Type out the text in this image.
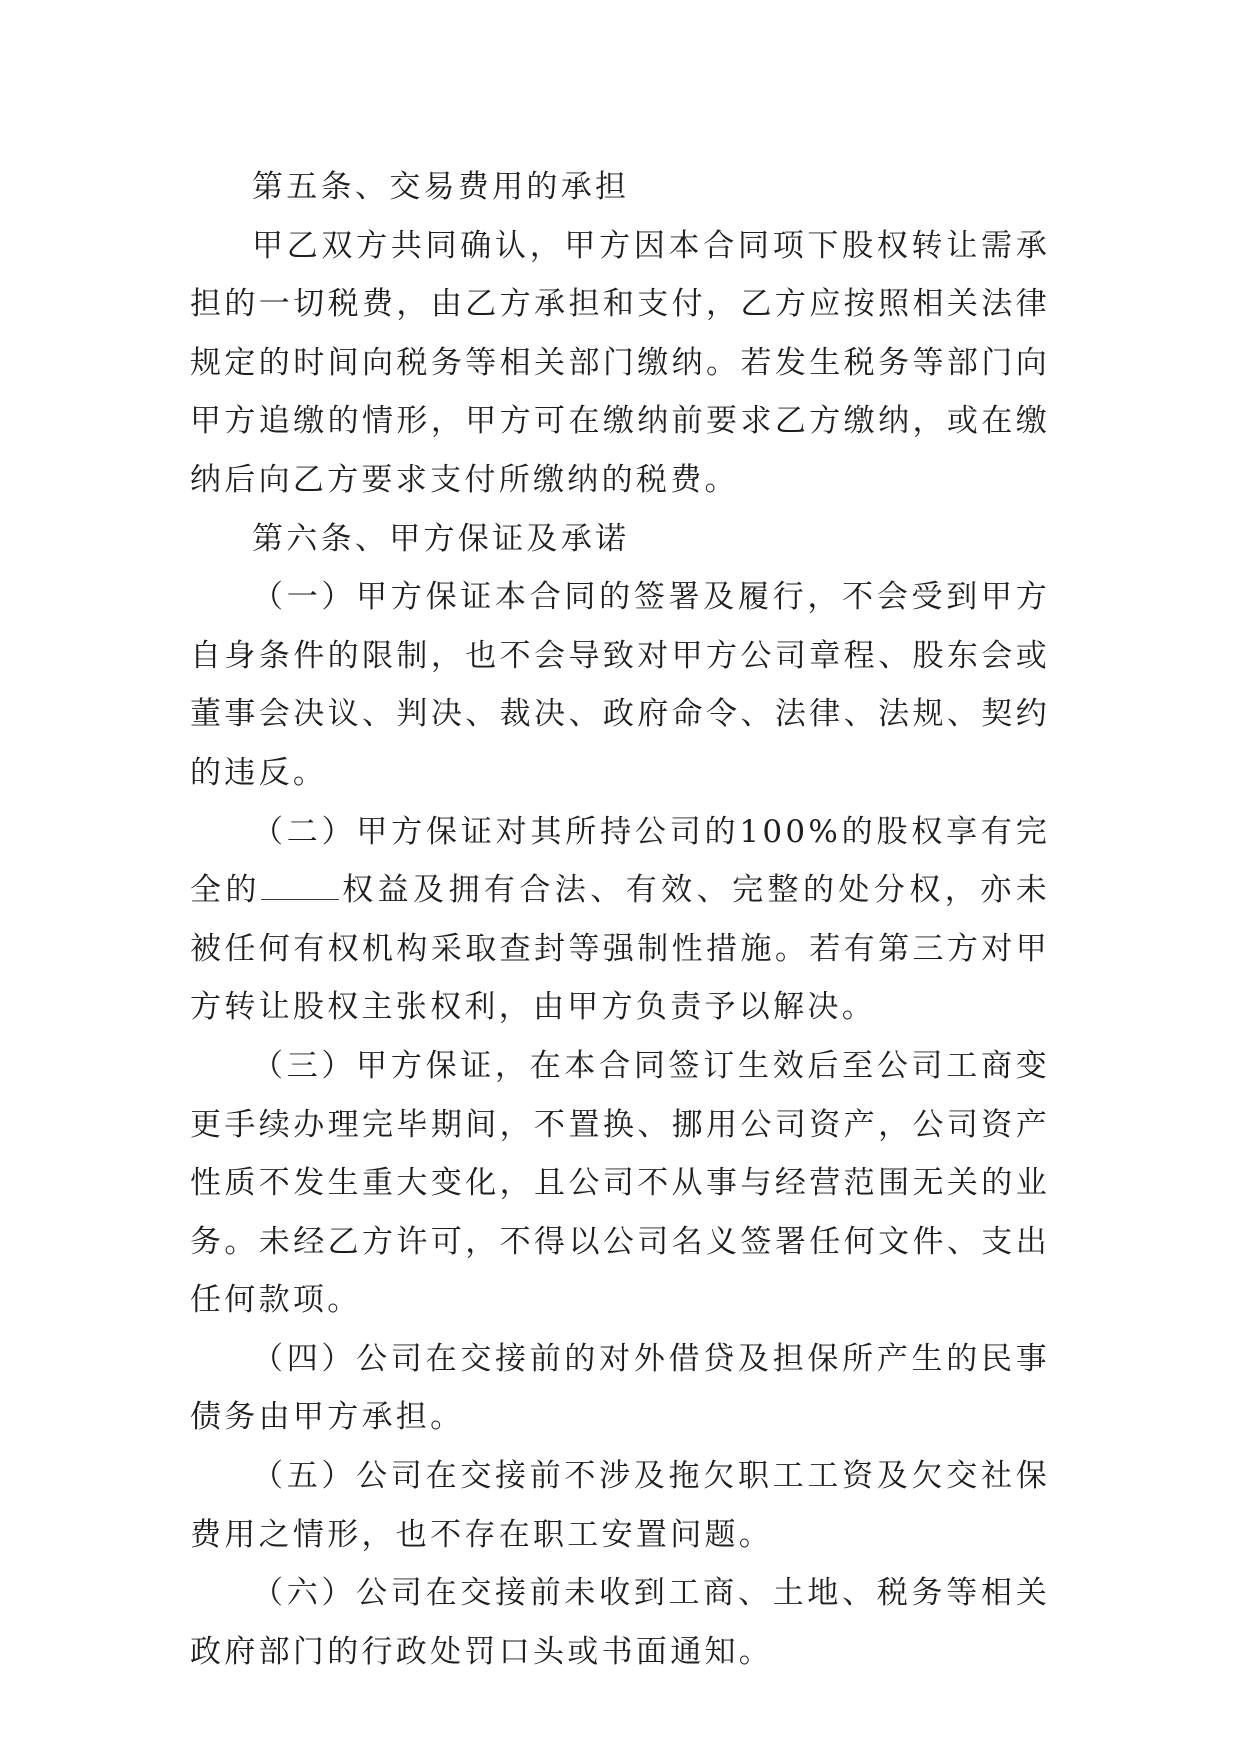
第五条、交易费用的承担

甲乙双方共同确认，甲方因本合同项下股权转让需承担的一切税费，由乙方承担和支付，乙方应按照相关法律规定的时间向税务等相关部门缴纳。若发生税务等部门向甲方追缴的情形，甲方可在缴纳前要求乙方缴纳，或在缴纳后向乙方要求支付所缴纳的税费。

第六条、甲方保证及承诺

（一）甲方保证本合同的签署及履行，不会受到甲方自身条件的限制，也不会导致对甲方公司章程、股东会或董事会决议、判决、裁决、政府命令、法律、法规、契约的违反。

（二）甲方保证对其所持公司的100%的股权享有完全的	权益及拥有合法、有效、完整的处分权，亦未被任何有权机构采取查封等强制性措施。若有第三方对甲方转让股权主张权利，由甲方负责予以解决。

（三）甲方保证，在本合同签订生效后至公司工商变更手续办理完毕期间，不置换、挪用公司资产，公司资产性质不发生重大变化，且公司不从事与经营范围无关的业务。未经乙方许可，不得以公司名义签署任何文件、支出任何款项。

（四）公司在交接前的对外借贷及担保所产生的民事债务由甲方承担。

（五）公司在交接前不涉及拖欠职工工资及欠交社保费用之情形，也不存在职工安置问题。

（六）公司在交接前未收到工商、土地、税务等相关政府部门的行政处罚口头或书面通知。
